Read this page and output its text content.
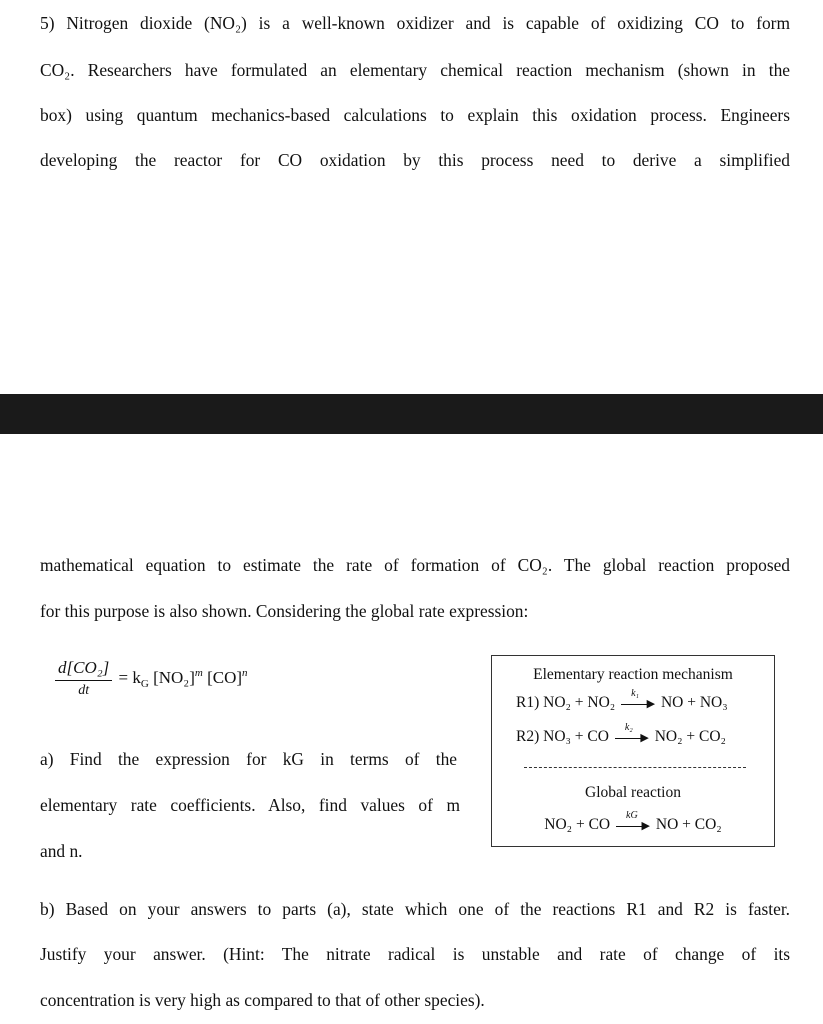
5) Nitrogen dioxide (NO₂) is a well-known oxidizer and is capable of oxidizing CO to form
CO₂. Researchers have formulated an elementary chemical reaction mechanism (shown in the
box) using quantum mechanics-based calculations to explain this oxidation process. Engineers
developing the reactor for CO oxidation by this process need to derive a simplified
mathematical equation to estimate the rate of formation of CO₂. The global reaction proposed
for this purpose is also shown. Considering the global rate expression:
$\frac{\text{d[CO₂]}}{dt} = k_G$ $[NO_2]^m$ [CO]$^n$
a) Find the expression for kG in terms of the
elementary rate coefficients. Also, find values of m
and n.
Elementary reaction mechanism
R1) NO₂ + NO₂
k₁
▶ NO + NO₃
R2) NO₃ + CO
k₂
▶ NO₂ + CO₂
Global reaction
NO₂ + CO
kG
▶ NO + CO₂
b) Based on your answers to parts (a), state which one of the reactions R1 and R2 is faster.
Justify your answer. (Hint: The nitrate radical is unstable and rate of change of its
concentration is very high as compared to that of other species).
